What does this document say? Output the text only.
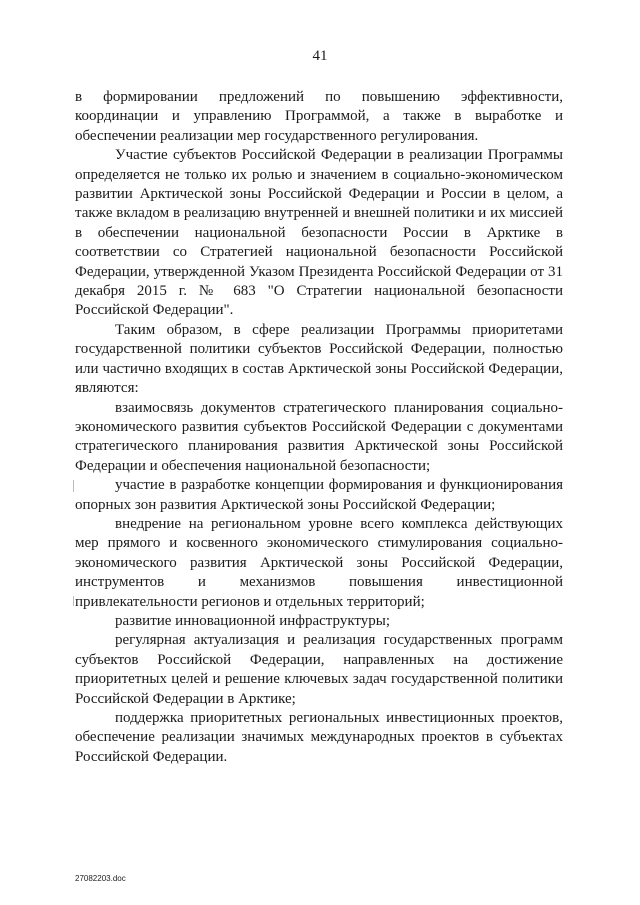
41

в формировании предложений по повышению эффективности, координации и управлению Программой, а также в выработке и обеспечении реализации мер государственного регулирования.

Участие субъектов Российской Федерации в реализации Программы определяется не только их ролью и значением в социально-экономическом развитии Арктической зоны Российской Федерации и России в целом, а также вкладом в реализацию внутренней и внешней политики и их миссией в обеспечении национальной безопасности России в Арктике в соответствии со Стратегией национальной безопасности Российской Федерации, утвержденной Указом Президента Российской Федерации от 31 декабря 2015 г. № 683 "О Стратегии национальной безопасности Российской Федерации".

Таким образом, в сфере реализации Программы приоритетами государственной политики субъектов Российской Федерации, полностью или частично входящих в состав Арктической зоны Российской Федерации, являются:

взаимосвязь документов стратегического планирования социально-экономического развития субъектов Российской Федерации с документами стратегического планирования развития Арктической зоны Российской Федерации и обеспечения национальной безопасности;

участие в разработке концепции формирования и функционирования опорных зон развития Арктической зоны Российской Федерации;

внедрение на региональном уровне всего комплекса действующих мер прямого и косвенного экономического стимулирования социально-экономического развития Арктической зоны Российской Федерации, инструментов и механизмов повышения инвестиционной привлекательности регионов и отдельных территорий;

развитие инновационной инфраструктуры;

регулярная актуализация и реализация государственных программ субъектов Российской Федерации, направленных на достижение приоритетных целей и решение ключевых задач государственной политики Российской Федерации в Арктике;

поддержка приоритетных региональных инвестиционных проектов, обеспечение реализации значимых международных проектов в субъектах Российской Федерации.

27082203.doc
